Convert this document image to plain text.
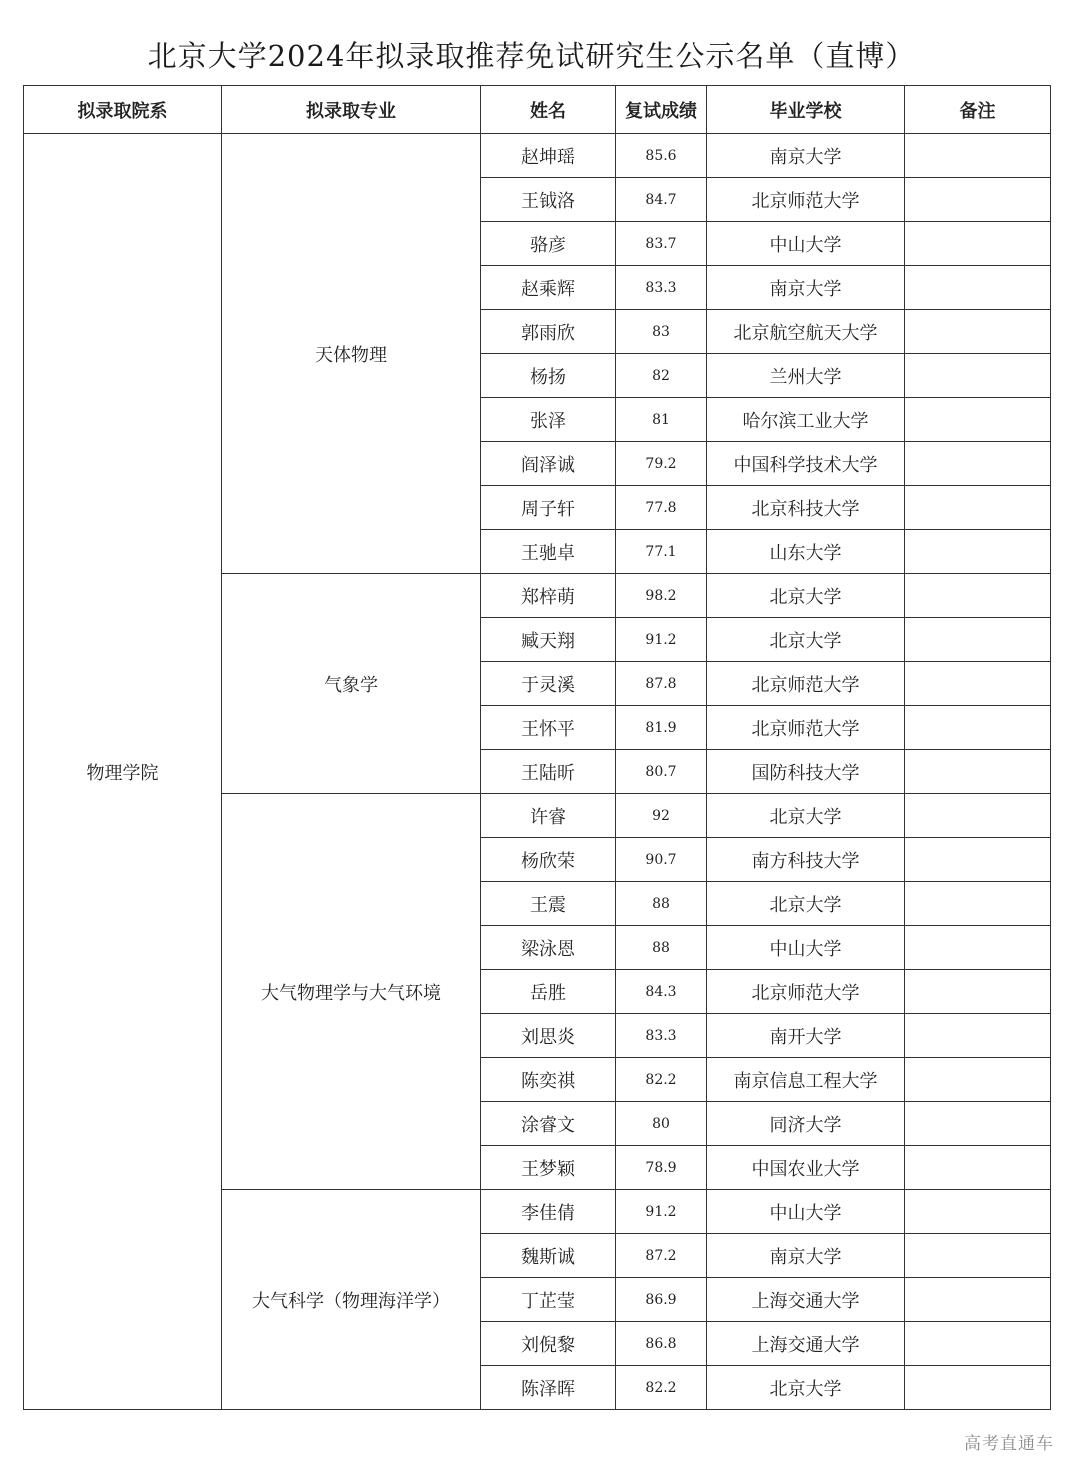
北京大学2024年拟录取推荐免试研究生公示名单（直博）
拟录取院系	拟录取专业	姓名	复试成绩	毕业学校	备注
物理学院	天体物理	赵坤瑶	85.6	南京大学	
		王钺洛	84.7	北京师范大学	
		骆彦	83.7	中山大学	
		赵乘辉	83.3	南京大学	
		郭雨欣	83	北京航空航天大学	
		杨扬	82	兰州大学	
		张泽	81	哈尔滨工业大学	
		阎泽诚	79.2	中国科学技术大学	
		周子轩	77.8	北京科技大学	
		王驰卓	77.1	山东大学	
	气象学	郑梓萌	98.2	北京大学	
		臧天翔	91.2	北京大学	
		于灵溪	87.8	北京师范大学	
		王怀平	81.9	北京师范大学	
		王陆昕	80.7	国防科技大学	
	大气物理学与大气环境	许睿	92	北京大学	
		杨欣荣	90.7	南方科技大学	
		王震	88	北京大学	
		梁泳恩	88	中山大学	
		岳胜	84.3	北京师范大学	
		刘思炎	83.3	南开大学	
		陈奕祺	82.2	南京信息工程大学	
		涂睿文	80	同济大学	
		王梦颖	78.9	中国农业大学	
	大气科学（物理海洋学）	李佳倩	91.2	中山大学	
		魏斯诚	87.2	南京大学	
		丁芷莹	86.9	上海交通大学	
		刘倪黎	86.8	上海交通大学	
		陈泽晖	82.2	北京大学	
高考直通车
